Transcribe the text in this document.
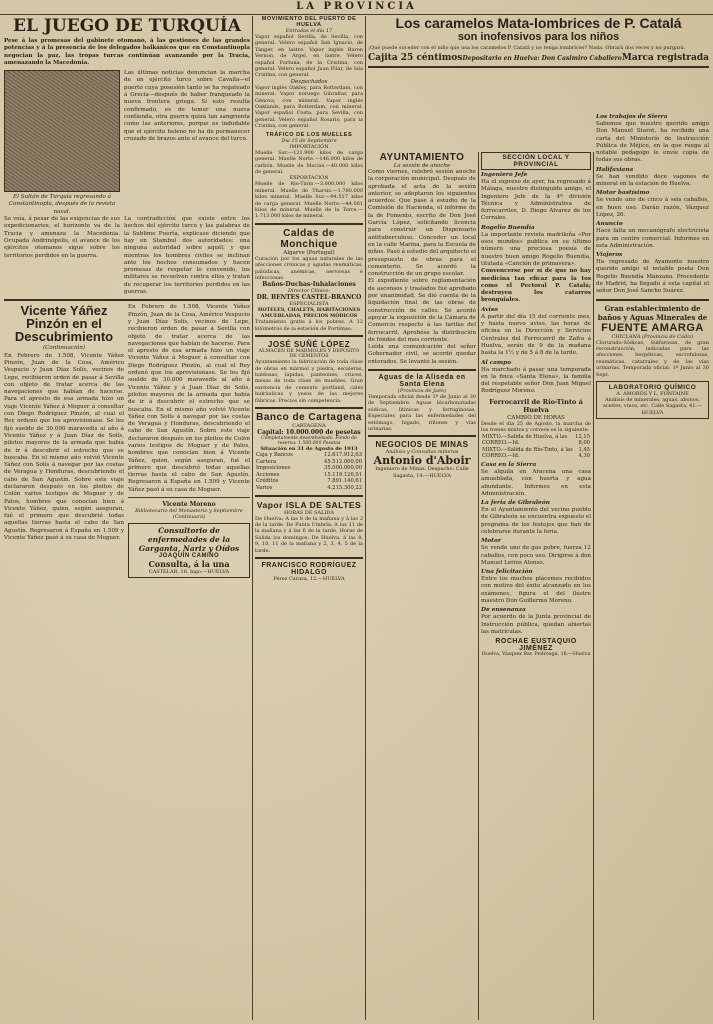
LA PROVINCIA
EL JUEGO DE TURQUÍA

Pese á las promesas del gabinete otomano, á las gestiones de las grandes potencias y á la presencia de los delegados balkánicos que en Constantinopla negocian la paz, las tropas turcas continúan avanzando por la Tracia, amenazando la Macedonia.

El Sultán de Turquía regresando á Constantinopla, después de la revista naval.

Las últimas noticias denuncian la marcha de un ejército turco sobre Cavalla—el puerto cuya posesión tanto se ha regateado á Grecia—después de haber franqueado la nueva frontera griega. Si esto resulta confirmado, es de temer una nueva contienda, otra guerra quizá tan sangrienta como las anteriores, porque es indudable que el ejército heleno no ha de permanecer cruzado de brazos ante el avance del turco.

Se veía, á pesar de las exigencias de sus expedicionarios, el horizonte va de la Tracia y amenaza la Macedonia. Ocupada Andrinópolis, el avance de los ejércitos otomanos sigue sobre los territorios perdidos en la guerra.

La contradicción que existe entre los hechos del ejército turco y las palabras de la Sublime Puerta, explícase diciendo que hay en Stambul dos autoridades: una ninguna autoridad sobre aquél; y que mientras los hombres civiles se inclinan ante los hechos consumados y hacen promesas de respetar lo convenido, los militares se revuelven contra ellos y tratan de recuperar los territorios perdidos en las guerras.

Vicente Yáñez Pinzón en el Descubrimiento

(Continuación)

En Febrero de 1.508, Vicente Yáñez Pinzón, Juan de la Cosa, Américo Vespucio y Juan Díaz Solís, vecinos de Lepe, recibieron orden de pasar á Sevilla con objeto de tratar acerca de las navegaciones que habían de hacerse. Para el apresto de esa armada hizo un viaje Vicente Yáñez á Moguer á consultar con Diego Rodríguez Pinzón, al cual el Rey ordenó que los aprovisionase. Se les fijó sueldo de 30.000 maravedís al año á Vicente Yáñez y á Juan Díaz de Solís, pilotos mayores de la armada que había de ir á descubrir el estrecho que se buscaba. En el mismo año volvió Vicente Yáñez con Solís á navegar por las costas de Veragua y Honduras, descubriendo el cabo de San Agustín. Sobre este viaje declararon después en los pleitos de Colón varios testigos de Moguer y de Palos, hombres que conocían bien á Vicente Yáñez, quien, según aseguran, fué el primero que descubrió todas aquellas tierras hasta el cabo de San Agustín. Regresaron á España en 1.509 y Vicente Yáñez pasó á su casa de Moguer.

En Febrero de 1.508, Vicente Yáñez Pinzón, Juan de la Cosa, Américo Vespucio y Juan Díaz Solís, vecinos de Lepe, recibieron orden de pasar á Sevilla con objeto de tratar acerca de las navegaciones que habían de hacerse. Para el apresto de esa armada hizo un viaje Vicente Yáñez á Moguer á consultar con Diego Rodríguez Pinzón, al cual el Rey ordenó que los aprovisionase. Se les fijó sueldo de 30.000 maravedís al año á Vicente Yáñez y á Juan Díaz de Solís, pilotos mayores de la armada que había de ir á descubrir el estrecho que se buscaba. En el mismo año volvió Vicente Yáñez con Solís á navegar por las costas de Veragua y Honduras, descubriendo el cabo de San Agustín. Sobre este viaje declararon después en los pleitos de Colón varios testigos de Moguer y de Palos, hombres que conocían bien á Vicente Yáñez, quien, según aseguran, fué el primero que descubrió todas aquellas tierras hasta el cabo de San Agustín. Regresaron á España en 1.509 y Vicente Yáñez pasó á su casa de Moguer.

Vicente Moreno
Bibliotecario del Monasterio y Septiembre
(Continuará)
Consultorio de enfermedades de la Garganta, Nariz y Oídos
JOAQUÍN CAMINO
Consulta, á la una
CASTELAR, 16, bajo.—HUELVA
MOVIMIENTO DEL PUERTO DE HUELVA
Entradas el día 17

Vapor español Sevilla, de Sevilla, con general. Velero español San Ignacio, de Tánger, en lastre. Vapor inglés Baron Vernon, de Argel, en lastre. Velero español Fortuna, de la Cristina, con general. Velero español Juan Pilar, de Isla Cristina, con general.

Despachados

Vapor inglés Oakley, para Rotterdam, con mineral. Vapor noruego Gibraltar, para Génova, con mineral. Vapor inglés Oaklands, para Rotterdam, con mineral. Vapor español Costa, para Sevilla, con general. Velero español Rosario, para la Cristina, con general.

TRÁFICO DE LOS MUELLES
Día 15 de Septiembre
IMPORTACIÓN

Muelle Sur.—121.900 kilos de carga general. Muelle Norte.—146.000 kilos de carbón. Muelle de Macías.—40.000 kilos de general.

EXPORTACIÓN

Muelle de Rio-Tinto.—3.800.000 kilos mineral. Muelle de Tharsis.—1.780.000 kilos mineral. Muelle Sur.—94.517 kilos de carga general. Muelle Norte.—44.081 kilos de mineral. Muelle de la Torre.—1.713.000 kilos de mineral.

Caldas de Monchique
Algarve (Portugal)

Curación por los aguas naturales de las afecciones crónicas y agudas reumáticas, palúdicas, anémicas, nerviosas é infecciosas.

Baños-Duchas-Inhalaciones
Director Clínico:
DR. BENTES CASTEL-BRANCO
ESPECIALISTA
HOTELES, CHALETS, HABITACIONES AMUEBLADAS, PRECIOS MÓDICOS

Tratamiento gratis á los pobres. A 12 kilómetros de la estación de Portimao.

JOSÉ SUÑÉ LÓPEZ
ALMACÉN DE MÁRMOLES Y DEPÓSITO DE CEMENTOS

Ayuntamiento la fabricación de toda clase de obras en mármol y piedra, escaleras, baldosas, lápidas, panteones, cruces, mesas de toda clase de muebles. Gran existencia de cemento portland, cales hidráulicas y yesos de las mejores fábricas. Precios sin competencia.

Banco de Cartagena
CARTAGENA
Capital: 10.000.000 de pesetas
Completamente desembolsado. Fondo de reserva: 1.500.000 Pesetas
Situación en 31 de Agosto de 1913
Caja y Bancos	12.617.912,63
Cartera	45.512.000,00
Imposiciones	35.000.000,00
Acciones	15.119.126,91
Créditos	7.891.140,61
Varios	4.215.300,22
Vapor ISLA DE SALTES
HORAS DE SALIDA

De Huelva: A las 8 de la mañana y á las 2 de la tarde. De Punta Umbría: A las 11 de la mañana y á las 6 de la tarde. Horas de Salida los domingos: De Huelva, á las 8, 9, 10, 11 de la mañana y 2, 3, 4, 5 de la tarde.

FRANCISCO RODRÍGUEZ HIDALGO
Pérez Carasa, 12.—HUELVA
Los caramelos Mata-lombrices de P. Catalá
son inofensivos para los niños

¡Qué puede suceder con el niño que usa los caramelos P. Catalá y no tenga lombrices? Nada. Obrará dos veces y no purgará.

Cajita 25 céntimos Depositario en Huelva: Don Casimiro Caballero Marca registrada
AYUNTAMIENTO
La sesión de anoche

Como viernes, celebró sesión anoche la corporación municipal. Después de aprobada el acta de la sesión anterior, se adoptaron los siguientes acuerdos: Que pase á estudio de la Comisión de Hacienda, el informe de la de Fomento, escrito de Don José García López, solicitando licencia para construir un Dispensario antituberculoso. Conceder un local en la calle Marina, para la Escuela de niños. Pasó á estudio del arquitecto el presupuesto de obras para el cementerio. Se acordó la construcción de un grupo escolar.

El expediente sobre reglamentación de ascensos y traslados fué aprobado por unanimidad. Se dió cuenta de la liquidación final de las obras de construcción de calles. Se acordó apoyar la exposición de la Cámara de Comercio respecto á las tarifas del ferrocarril. Aprobóse la distribución de fondos del mes corriente.

Leída una comunicación del señor Gobernador civil, se acordó quedar enterados. Se levantó la sesión.

Aguas de la Aliseda en Santa Elena
(Provincia de Jaén)

Temporada oficial desde 1º de Junio al 30 de Septiembre. Aguas bicarbonatadas sódicas, litínicas y ferruginosas. Especiales para las enfermedades del estómago, hígado, riñones y vías urinarias.

NEGOCIOS DE MINAS
Análisis y Consultas mineras
Antonio d'Aboir

Ingeniero de Minas. Despacho: Calle Sagasta, 14.—HUELVA

SECCIÓN LOCAL Y PROVINCIAL
Ingeniero Jefe

Ha el expreso de ayer, ha regresado á Málaga, nuestro distinguido amigo, el Ingeniero Jefe de la 4ª división Técnica y Administrativa de ferrocarriles, D. Diego Alvarez de los Corrales.

Rogelio Buendía

La importante revista madrileña «Por esos mundos» publica en su último número una preciosa poesía de nuestro buen amigo Rogelio Buendía, titulada «Canción de primavera».

Convencerse por sí de que no hay medicina tan eficaz para la tos como el Pectoral P. Catalá; destruyen los catarros bronquiales.

Aviso

A partir del día 15 del corriente mes, y hasta nuevo aviso, las horas de oficina en la Dirección y Servicios Centrales del Ferrocarril de Zafra á Huelva, serán de 9 de la mañana hasta la 1½ y de 5 á 8 de la tarde.

Al campo

Ha marchado á pasar una temporada en la finca «Santa Elena», la familia del respetable señor Don Juan Miguel Rodríguez Moreno.

Ferrocarril de Río-Tinto á Huelva
CAMBIO DE HORAS

Desde el día 25 de Agosto, la marcha de los trenes mixtos y correos es la siguiente:

MIXTO.—Salida de Huelva, á las	12,15
CORREO.—Id.	8,00
MIXTO.—Salida de Río-Tinto, á las	1,45
CORREO.—Id.	4,30
Casa en la Sierra

Se alquila en Aracena una casa amueblada, con huerta y agua abundante. Informes en esta Administración.

La feria de Gibraleón

En el Ayuntamiento del vecino pueblo de Gibraleón se encuentra expuesto el programa de los festejos que han de celebrarse durante la feria.

Motor

Se vende uno de gas pobre, fuerza 12 caballos, con poco uso. Dirigirse á don Manuel Lerios Alonso.

Una felicitación

Entre los muchos plácemes recibidos con motivo del éxito alcanzado en los exámenes, figura el del ilustre maestro Don Guillermo Moreno.

De ensenanza

Por acuerdo de la Junta provincial de Instrucción pública, quedan abiertas las matrículas.

ROCHAE EUSTAQUIO JIMÉNEZ
Huelva, Vázquez Bar. Pedroaga, 16.—Huelva
Los trabajos de Sierra

Sabemos que nuestro querido amigo Don Manuel Siurot, ha recibido una carta del Ministerio de Instrucción Pública de Méjico, en la que ruega al notable pedagogo le envíe copia de todas sus obras.

Halifaxiana

Se han vendido doce vagones de mineral en la estación de Huelva.

Motor bastísimo

Se vende uno de cinco á seis caballos, en buen uso. Darán razón, Vázquez López, 26.

Anuncio

Hace falta un mecanógrafo electricista para un centro comercial. Informes en esta Administración.

Viajeros

Ha regresado de Ayamonte nuestro querido amigo el notable poeta Don Rogelio Buendía Manzano. Procedente de Madrid, ha llegado á esta capital el señor Don José Sancho Suárez.

Gran establecimiento de baños y Aguas Minerales de
FUENTE AMARGA
CHICLANA (Provincia de Cádiz)

Clorurado-Sódicas, Sulfurosas, de gran reconstrucción, indicadas para las afecciones herpéticas, escrofulosas, reumáticas, catarrales y de las vías urinarias. Temporada oficial: 1º Junio al 30 Sept.

LABORATORIO QUÍMICO
A. AMORÓS Y L. FONTAINE

Análisis de minerales, aguas, abonos, aceites, vinos, etc. Calle Sagasta, 41.—HUELVA
